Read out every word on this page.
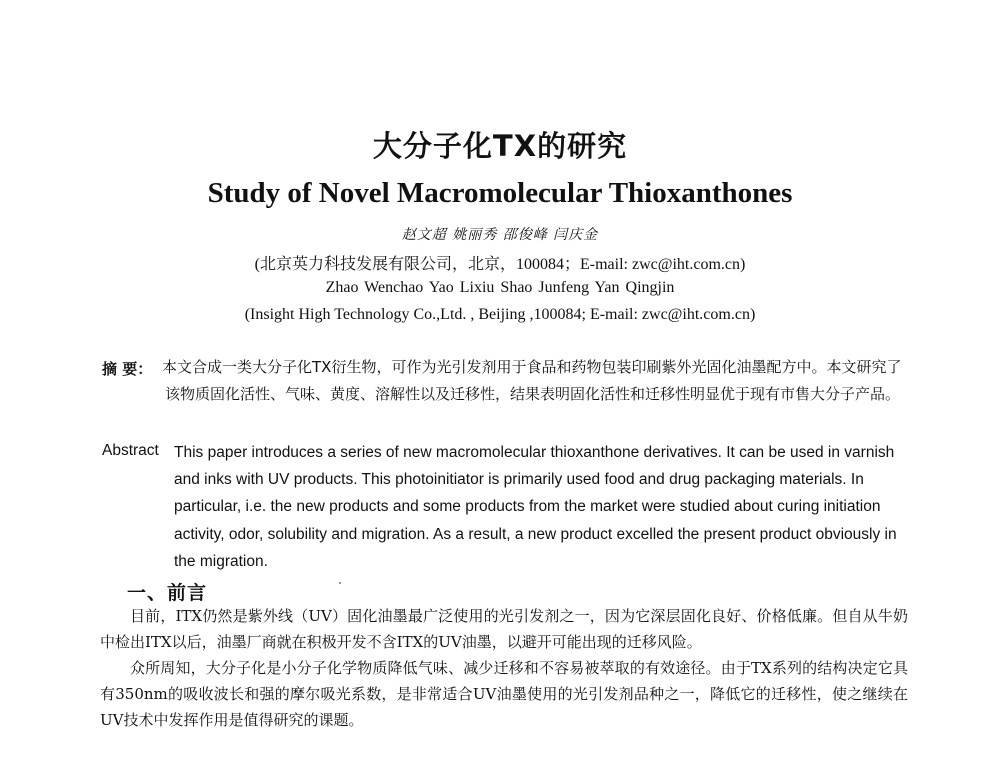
大分子化TX的研究
Study of Novel Macromolecular Thioxanthones
赵文超 姚丽秀 邵俊峰 闫庆金
(北京英力科技发展有限公司，北京，100084；E-mail: zwc@iht.com.cn)
Zhao Wenchao Yao Lixiu Shao Junfeng Yan Qingjin
(Insight High Technology Co.,Ltd. , Beijing ,100084; E-mail: zwc@iht.com.cn)
摘 要： 本文合成一类大分子化TX衍生物，可作为光引发剂用于食品和药物包装印刷紫外光固化油墨配方中。本文研究了该物质固化活性、气味、黄度、溶解性以及迁移性，结果表明固化活性和迁移性明显优于现有市售大分子产品。
Abstract This paper introduces a series of new macromolecular thioxanthone derivatives. It can be used in varnish and inks with UV products. This photoinitiator is primarily used food and drug packaging materials. In particular, i.e. the new products and some products from the market were studied about curing initiation activity, odor, solubility and migration. As a result, a new product excelled the present product obviously in the migration.
一、前言

目前，ITX仍然是紫外线（UV）固化油墨最广泛使用的光引发剂之一，因为它深层固化良好、价格低廉。但自从牛奶中检出ITX以后，油墨厂商就在积极开发不含ITX的UV油墨，以避开可能出现的迁移风险。

众所周知，大分子化是小分子化学物质降低气味、减少迁移和不容易被萃取的有效途径。由于TX系列的结构决定它具有350nm的吸收波长和强的摩尔吸光系数，是非常适合UV油墨使用的光引发剂品种之一，降低它的迁移性，使之继续在UV技术中发挥作用是值得研究的课题。
